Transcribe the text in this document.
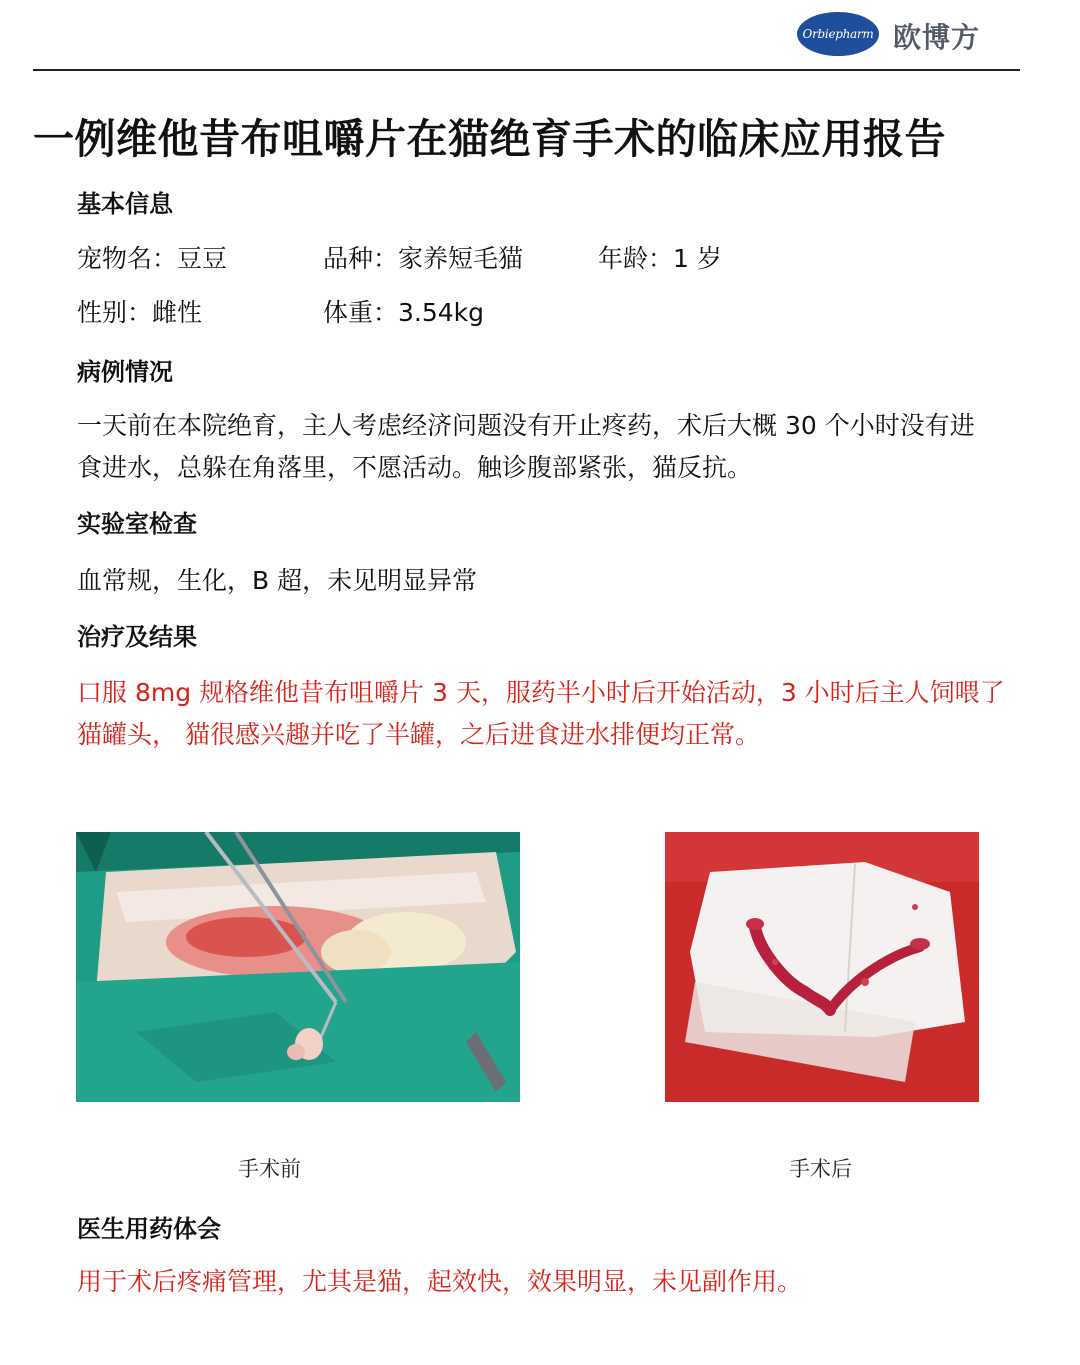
Orbiepharm 欧博方
一例维他昔布咀嚼片在猫绝育手术的临床应用报告
基本信息
宠物名：豆豆	品种：家养短毛猫	年龄：1 岁
性别：雌性	体重：3.54kg
病例情况
一天前在本院绝育，主人考虑经济问题没有开止疼药，术后大概 30 个小时没有进
食进水，总躲在角落里，不愿活动。触诊腹部紧张，猫反抗。
实验室检查
血常规，生化，B 超，未见明显异常
治疗及结果
口服 8mg 规格维他昔布咀嚼片 3 天，服药半小时后开始活动，3 小时后主人饲喂了
猫罐头， 猫很感兴趣并吃了半罐，之后进食进水排便均正常。
手术前	手术后
医生用药体会
用于术后疼痛管理，尤其是猫，起效快，效果明显，未见副作用。
